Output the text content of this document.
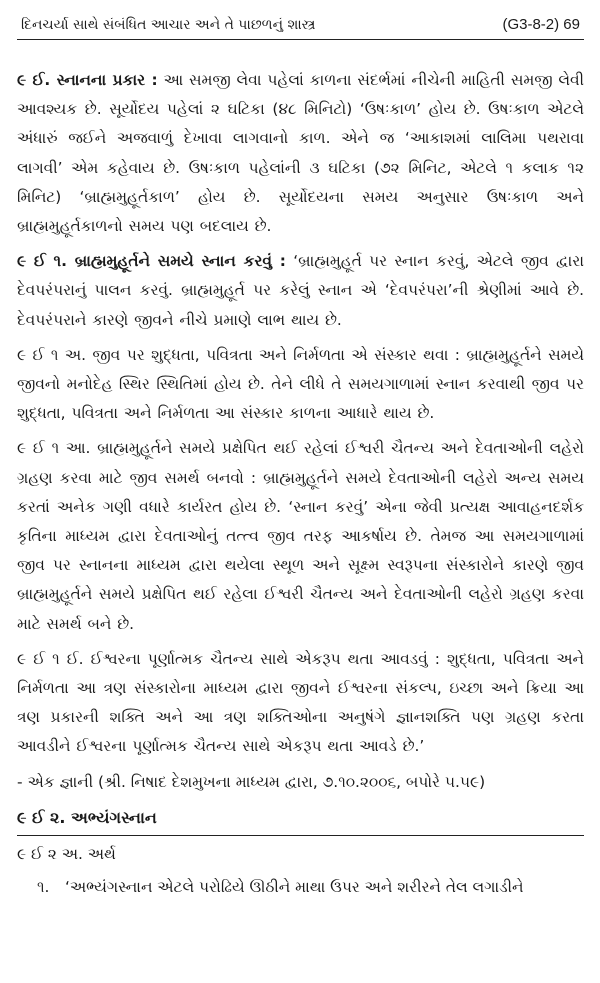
દિનચર્યા સાથે સંબંધિત આચાર અને તે પાછળનું શાસ્ત્ર	(G3-8-2) 69

૯ ઈ. સ્નાનના પ્રકાર : આ સમજી લેવા પહેલાં કાળના સંદર્ભમાં નીચેની માહિતી સમજી લેવી આવશ્યક છે. સૂર્યોદય પહેલાં ૨ ઘટિકા (૪૮ મિનિટો) ‘ઉષઃકાળ’ હોય છે. ઉષઃકાળ એટલે અંધારું જઈને અજવાળું દેખાવા લાગવાનો કાળ. એને જ ‘આકાશમાં લાલિમા પથરાવા લાગવી’ એમ કહેવાય છે. ઉષઃકાળ પહેલાંની ૩ ઘટિકા (૭૨ મિનિટ, એટલે ૧ કલાક ૧૨ મિનિટ) ‘બ્રાહ્મમુહૂર્તકાળ’ હોય છે. સૂર્યોદયના સમય અનુસાર ઉષઃકાળ અને બ્રાહ્મમુહૂર્તકાળનો સમય પણ બદલાય છે.

૯ ઈ ૧. બ્રાહ્મમુહૂર્તને સમયે સ્નાન કરવું : ‘બ્રાહ્મમુહૂર્ત પર સ્નાન કરવું, એટલે જીવ દ્વારા દેવપરંપરાનું પાલન કરવું. બ્રાહ્મમુહૂર્ત પર કરેલું સ્નાન એ ‘દેવપરંપરા’ની શ્રેણીમાં આવે છે. દેવપરંપરાને કારણે જીવને નીચે પ્રમાણે લાભ થાય છે.

૯ ઈ ૧ અ. જીવ પર શુદ્ધતા, પવિત્રતા અને નિર્મળતા એ સંસ્કાર થવા : બ્રાહ્મમુહૂર્તને સમયે જીવનો મનોદેહ સ્થિર સ્થિતિમાં હોય છે. તેને લીધે તે સમયગાળામાં સ્નાન કરવાથી જીવ પર શુદ્ધતા, પવિત્રતા અને નિર્મળતા આ સંસ્કાર કાળના આધારે થાય છે.

૯ ઈ ૧ આ. બ્રાહ્મમુહૂર્તને સમયે પ્રક્ષેપિત થઈ રહેલાં ઈશ્વરી ચૈતન્ય અને દેવતાઓની લહેરો ગ્રહણ કરવા માટે જીવ સમર્થ બનવો : બ્રાહ્મમુહૂર્તને સમયે દેવતાઓની લહેરો અન્ય સમય કરતાં અનેક ગણી વધારે કાર્યરત હોય છે. ‘સ્નાન કરવું’ એના જેવી પ્રત્યક્ષ આવાહનદર્શક કૃતિના માધ્યમ દ્વારા દેવતાઓનું તત્ત્વ જીવ તરફ આકર્ષાય છે. તેમજ આ સમયગાળામાં જીવ પર સ્નાનના માધ્યમ દ્વારા થયેલા સ્થૂળ અને સૂક્ષ્મ સ્વરૂપના સંસ્કારોને કારણે જીવ બ્રાહ્મમુહૂર્તને સમયે પ્રક્ષેપિત થઈ રહેલા ઈશ્વરી ચૈતન્ય અને દેવતાઓની લહેરો ગ્રહણ કરવા માટે સમર્થ બને છે.

૯ ઈ ૧ ઈ. ઈશ્વરના પૂર્ણાત્મક ચૈતન્ય સાથે એકરૂપ થતા આવડવું : શુદ્ધતા, પવિત્રતા અને નિર્મળતા આ ત્રણ સંસ્કારોના માધ્યમ દ્વારા જીવને ઈશ્વરના સંકલ્પ, ઇચ્છા અને ક્રિયા આ ત્રણ પ્રકારની શક્તિ અને આ ત્રણ શક્તિઓના અનુષંગે જ્ઞાનશક્તિ પણ ગ્રહણ કરતા આવડીને ઈશ્વરના પૂર્ણાત્મક ચૈતન્ય સાથે એકરૂપ થતા આવડે છે.’

- એક જ્ઞાની (શ્રી. નિષાદ દેશમુખના માધ્યમ દ્વારા, ૭.૧૦.૨૦૦૬, બપોરે ૫.૫૯)

૯ ઈ ૨. અભ્યંગસ્નાન

૯ ઈ ૨ અ. અર્થ

૧. ‘અભ્યંગસ્નાન એટલે પરોઢિયે ઊઠીને માથા ઉપર અને શરીરને તેલ લગાડીને
